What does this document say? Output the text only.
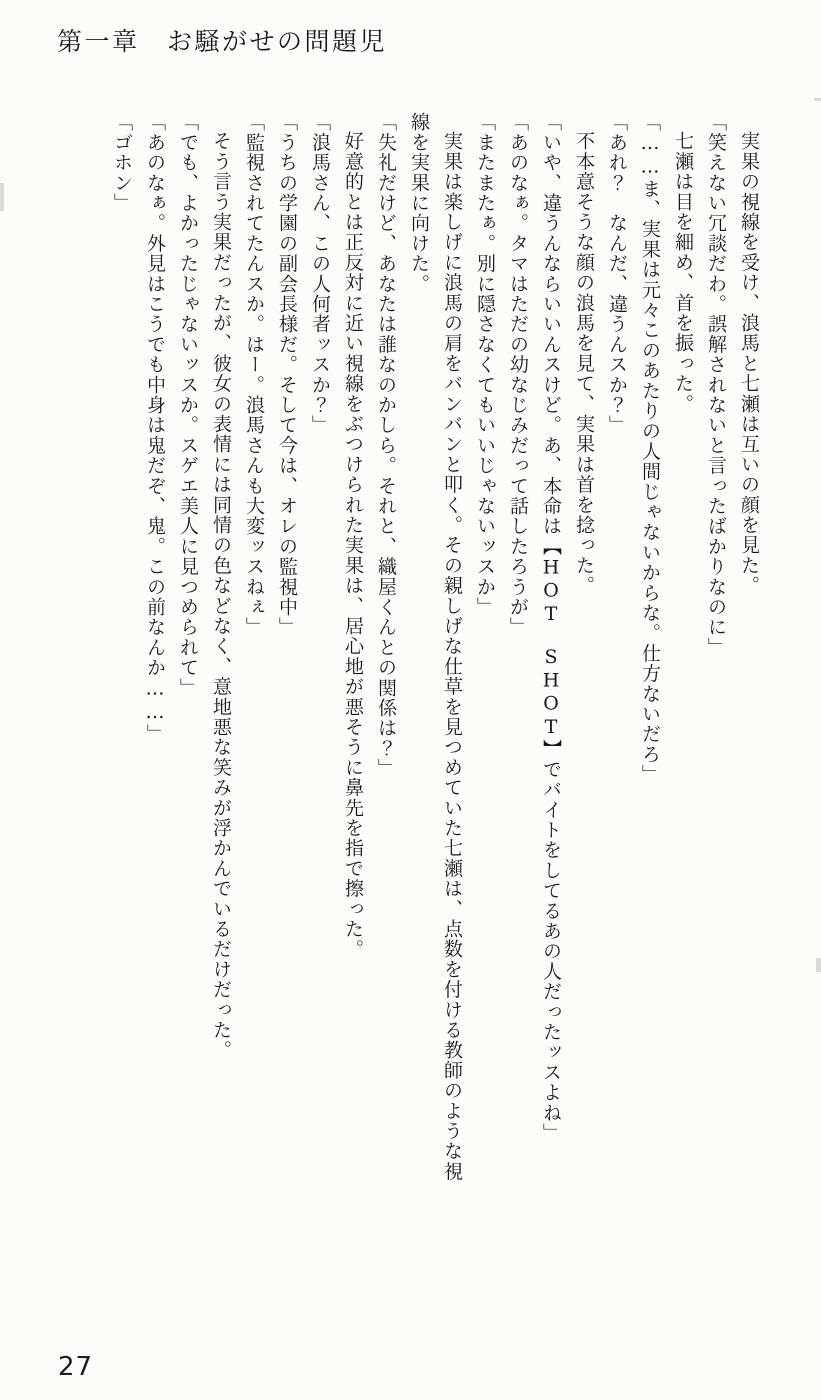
第一章　お騒がせの問題児

実果の視線を受け、浪馬と七瀬は互いの顔を見た。

「笑えない冗談だわ。誤解されないと言ったばかりなのに」

七瀬は目を細め、首を振った。

「……ま、実果は元々このあたりの人間じゃないからな。仕方ないだろ」

「あれ？　なんだ、違うんスか？」

不本意そうな顔の浪馬を見て、実果は首を捻った。

「いや、違うんならいいんスけど。あ、本命は【HOT　SHOT】でバイトをしてるあの人だったッスよね」

「あのなぁ。タマはただの幼なじみだって話したろうが」

「またまたぁ。別に隠さなくてもいいじゃないッスか」

実果は楽しげに浪馬の肩をバンバンと叩く。その親しげな仕草を見つめていた七瀬は、点数を付ける教師のような視線を実果に向けた。

「失礼だけど、あなたは誰なのかしら。それと、織屋くんとの関係は？」

好意的とは正反対に近い視線をぶつけられた実果は、居心地が悪そうに鼻先を指で擦った。

「浪馬さん、この人何者ッスか？」

「うちの学園の副会長様だ。そして今は、オレの監視中」

「監視されてたんスか。はー。浪馬さんも大変ッスねぇ」

そう言う実果だったが、彼女の表情には同情の色などなく、意地悪な笑みが浮かんでいるだけだった。

「でも、よかったじゃないッスか。スゲエ美人に見つめられて」

「あのなぁ。外見はこうでも中身は鬼だぞ、鬼。この前なんか……」

「ゴホン」

27
